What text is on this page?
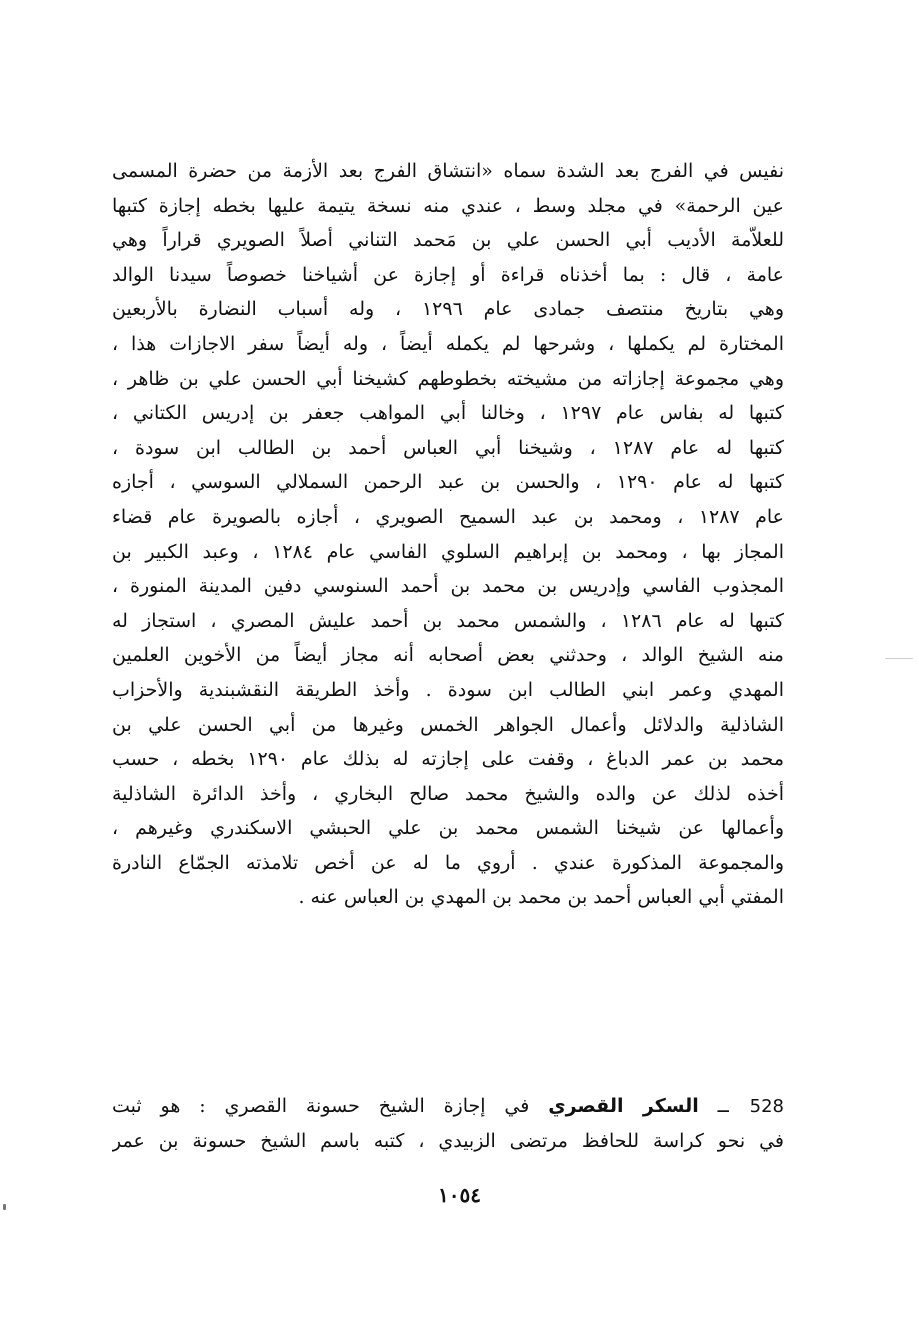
نفيس في الفرج بعد الشدة سماه «انتشاق الفرج بعد الأزمة من حضرة المسمى
عين الرحمة» في مجلد وسط ، عندي منه نسخة يتيمة عليها بخطه إجازة كتبها
للعلاّمة الأديب أبي الحسن علي بن مَحمد التناني أصلاً الصويري قراراً وهي
عامة ، قال : بما أخذناه قراءة أو إجازة عن أشياخنا خصوصاً سيدنا الوالد
وهي بتاريخ منتصف جمادى عام ١٢٩٦ ، وله أسباب النضارة بالأربعين
المختارة لم يكملها ، وشرحها لم يكمله أيضاً ، وله أيضاً سفر الاجازات هذا ،
وهي مجموعة إجازاته من مشيخته بخطوطهم كشيخنا أبي الحسن علي بن ظاهر ،
كتبها له بفاس عام ١٢٩٧ ، وخالنا أبي المواهب جعفر بن إدريس الكتاني ،
كتبها له عام ١٢٨٧ ، وشيخنا أبي العباس أحمد بن الطالب ابن سودة ،
كتبها له عام ١٢٩٠ ، والحسن بن عبد الرحمن السملالي السوسي ، أجازه
عام ١٢٨٧ ، ومحمد بن عبد السميح الصويري ، أجازه بالصويرة عام قضاء
المجاز بها ، ومحمد بن إبراهيم السلوي الفاسي عام ١٢٨٤ ، وعبد الكبير بن
المجذوب الفاسي وإدريس بن محمد بن أحمد السنوسي دفين المدينة المنورة ،
كتبها له عام ١٢٨٦ ، والشمس محمد بن أحمد عليش المصري ، استجاز له
منه الشيخ الوالد ، وحدثني بعض أصحابه أنه مجاز أيضاً من الأخوين العلمين
المهدي وعمر ابني الطالب ابن سودة . وأخذ الطريقة النقشبندية والأحزاب
الشاذلية والدلائل وأعمال الجواهر الخمس وغيرها من أبي الحسن علي بن
محمد بن عمر الدباغ ، وقفت على إجازته له بذلك عام ١٢٩٠ بخطه ، حسب
أخذه لذلك عن والده والشيخ محمد صالح البخاري ، وأخذ الدائرة الشاذلية
وأعمالها عن شيخنا الشمس محمد بن علي الحبشي الاسكندري وغيرهم ،
والمجموعة المذكورة عندي . أروي ما له عن أخص تلامذته الجمّاع النادرة
المفتي أبي العباس أحمد بن محمد بن المهدي بن العباس عنه .
528 ــ السكر القصري في إجازة الشيخ حسونة القصري : هو ثبت
في نحو كراسة للحافظ مرتضى الزبيدي ، كتبه باسم الشيخ حسونة بن عمر
١٠٥٤
